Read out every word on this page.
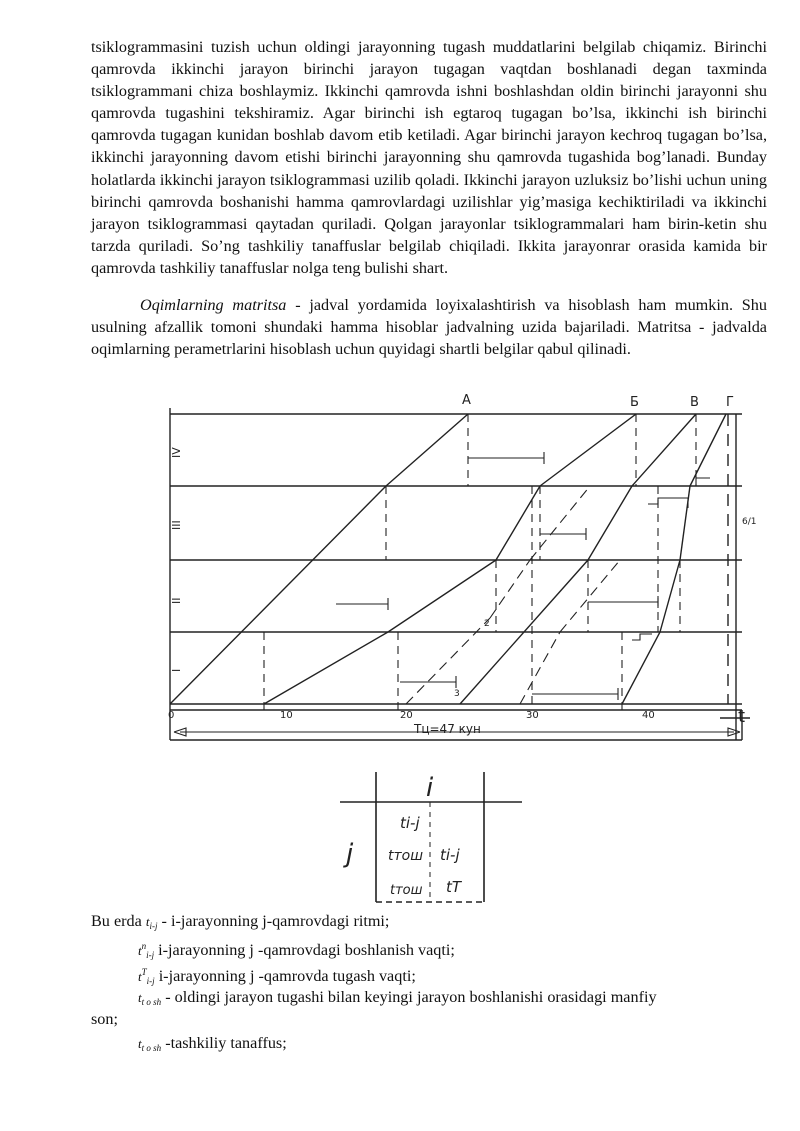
tsiklogrammasini tuzish uchun oldingi jarayonning tugash muddatlarini belgilab chiqamiz. Birinchi qamrovda ikkinchi jarayon birinchi jarayon tugagan vaqtdan boshlanadi degan taxminda tsiklogrammani chiza boshlaymiz. Ikkinchi qamrovda ishni boshlashdan oldin birinchi jarayonni shu qamrovda tugashini tekshiramiz. Agar birinchi ish egtaroq tugagan bo’lsa, ikkinchi ish birinchi qamrovda tugagan kunidan boshlab davom etib ketiladi. Agar birinchi jarayon kechroq tugagan bo’lsa, ikkinchi jarayonning davom etishi birinchi jarayonning shu qamrovda tugashida bog’lanadi. Bunday holatlarda ikkinchi jarayon tsiklogrammasi uzilib qoladi. Ikkinchi jarayon uzluksiz bo’lishi uchun uning birinchi qamrovda boshanishi hamma qamrovlardagi uzilishlar yig’masiga kechiktiriladi va ikkinchi jarayon tsiklogrammasi qaytadan quriladi. Qolgan jarayonlar tsiklogrammalari ham birin-ketin shu tarzda quriladi. So’ng tashkiliy tanaffuslar belgilab chiqiladi. Ikkita jarayonrar orasida kamida bir qamrovda tashkiliy tanaffuslar nolga teng bulishi shart.

Oqimlarning matritsa - jadval yordamida loyixalashtirish va hisoblash ham mumkin. Shu usulning afzallik tomoni shundaki hamma hisoblar jadvalning uzida bajariladi. Matritsa - jadvalda oqimlarning perametrlarini hisoblash uchun quyidagi shartli belgilar qabul qilinadi.

А	Б	В Г
0	10	20	30	40	t
Тц=47 кун
I
II
III
IV
6/1
2
3
i
j
ti-j
tтош ti-j
tтош tT

Bu erda $t_{i-j}$ - i-jarayonning j-qamrovdagi ritmi;

$t^n_{i-j}$ i-jarayonning j -qamrovdagi boshlanish vaqti;

$t^T_{i-j}$ i-jarayonning j -qamrovda tugash vaqti;

$t_{t o sh}$ - oldingi jarayon tugashi bilan keyingi jarayon boshlanishi orasidagi manfiy

son;

$t_{t o sh}$ -tashkiliy tanaffus;
